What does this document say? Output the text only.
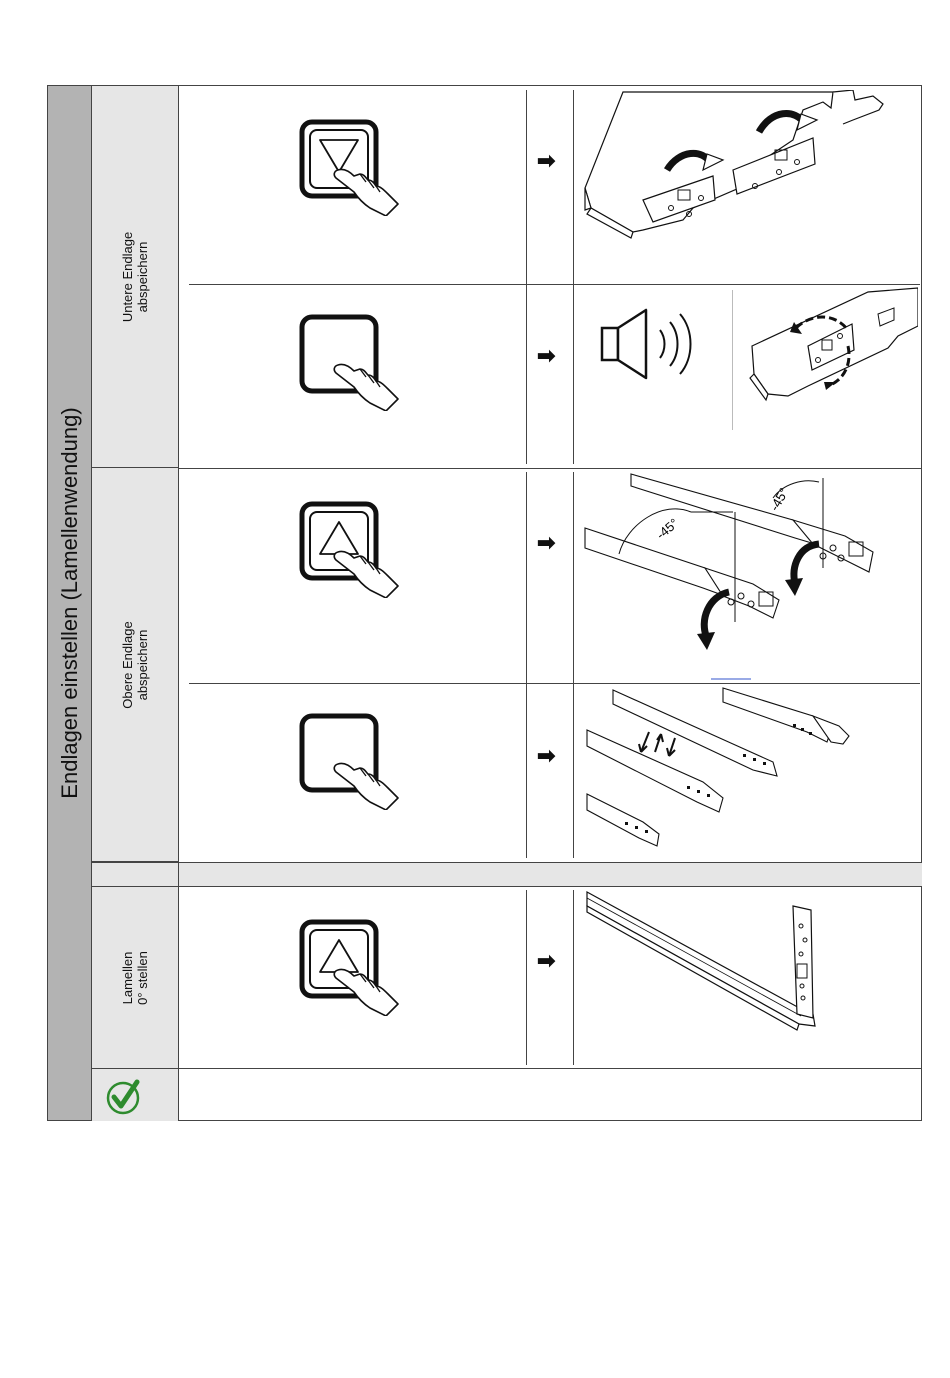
Endlagen einstellen (Lamellenwendung)
Untere Endlage abspeichern
Obere Endlage abspeichern
Lamellen 0° stellen
➡
➡
➡
-45°
-45°
➡
➡
